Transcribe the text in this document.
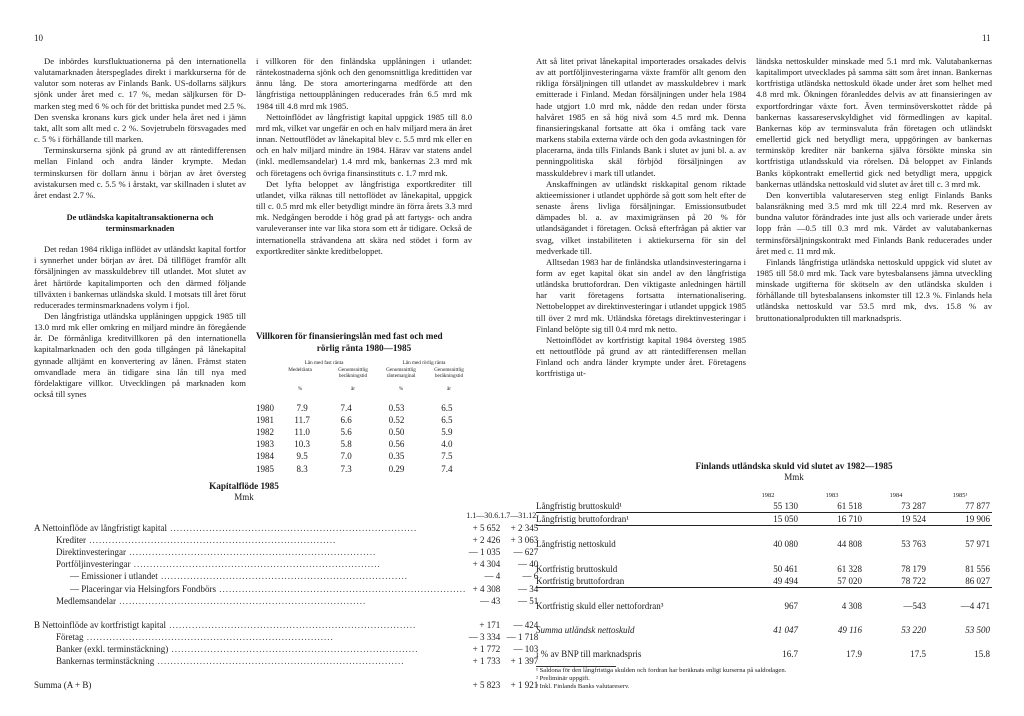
10	11

De inbördes kursfluktuationerna på den internationella valutamarknaden återspeglades direkt i markkurserna för de valutor som noteras av Finlands Bank. US-dollarns säljkurs sjönk under året med c. 17 %, medan säljkursen för D-marken steg med 6 % och för det brittiska pundet med 2.5 %. Den svenska kronans kurs gick under hela året ned i jämn takt, allt som allt med c. 2 %. Sovjetrubeln försvagades med c. 5 % i förhållande till marken.

Terminskurserna sjönk på grund av att räntedifferensen mellan Finland och andra länder krympte. Medan terminskursen för dollarn ännu i början av året översteg avistakursen med c. 5.5 % i årstakt, var skillnaden i slutet av året endast 2.7 %.

De utländska kapitaltransaktionerna och terminsmarknaden

Det redan 1984 rikliga inflödet av utländskt kapital fortfor i synnerhet under början av året. Då tillflöget framför allt försäljningen av masskuldebrev till utlandet. Mot slutet av året hårtörde kapitalimporten och den därmed följande tillväxten i bankernas utländska skuld. I motsats till året förut reducerades terminsmarknadens volym i fjol.

Den långfristiga utländska upplåningen uppgick 1985 till 13.0 mrd mk eller omkring en miljard mindre än föregående år. De förmånliga kreditvillkoren på den internationella kapitalmarknaden och den goda tillgången på lånekapital gynnade alltjämt en konvertering av lånen. Främst staten omvandlade mera än tidigare sina lån till nya med fördelaktigare villkor. Utvecklingen på marknaden kom också till synes

i villkoren för den finländska upplåningen i utlandet: räntekostnaderna sjönk och den genomsnittliga kredittiden var ännu lång. De stora amorteringarna medförde att den långfristiga nettoupplåningen reducerades från 6.5 mrd mk 1984 till 4.8 mrd mk 1985.

Nettoinflödet av långfristigt kapital uppgick 1985 till 8.0 mrd mk, vilket var ungefär en och en halv miljard mera än året innan. Nettoutflödet av lånekapital blev c. 5.5 mrd mk eller en och en halv miljard mindre än 1984. Härav var statens andel (inkl. medlemsandelar) 1.4 mrd mk, bankernas 2.3 mrd mk och företagens och övriga finansinstituts c. 1.7 mrd mk.

Det lyfta beloppet av långfristiga exportkrediter till utlandet, vilka räknas till nettoflödet av lånekapital, uppgick till c. 0.5 mrd mk eller betydligt mindre än förra årets 3.3 mrd mk. Nedgången berodde i hög grad på att fartygs- och andra varuleveranser inte var lika stora som ett år tidigare. Också de internationella stråvandena att skära ned stödet i form av exportkrediter sänkte kreditbeloppet.

Villkoren för finansieringslån med fast och med
rörlig ränta 1980—1985
Lån med fast ränta	Lån med rörlig ränta
Medelränta	Genomsnittlig beräkningstid
Genomsnittlig räntemarginal
Genomsnittlig beräkningstid
%	år	%	år
1980	7.9	7.4	0.53	6.5
1981	11.7	6.6	0.52	6.5
1982	11.0	5.6	0.50	5.9
1983	10.3	5.8	0.56	4.0
1984	9.5	7.0	0.35	7.5
1985	8.3	7.3	0.29	7.4
Kapitalflöde 1985
Mmk
	1.1—30.6.	1.7—31.12.
A Nettoinflöde av långfristigt kapital ............................................................................	+ 5 652	+ 2 345
Krediter ............................................................................	+ 2 426	+ 3 063
Direktinvesteringar ............................................................................	— 1 035	— 627
Portföljinvesteringar ............................................................................	+ 4 304	— 40
— Emissioner i utlandet ............................................................................	— 4	— 6
— Placeringar via Helsingfors Fondbörs ............................................................................	+ 4 308	— 34
Medlemsandelar ............................................................................	— 43	— 51

B Nettoinflöde av kortfristigt kapital ............................................................................	+ 171	— 424
Företag ............................................................................	— 3 334	— 1 718
Banker (exkl. terminstäckning) ............................................................................	+ 1 772	— 103
Bankernas terminstäckning ............................................................................	+ 1 733	+ 1 397

Summa (A + B)	+ 5 823	+ 1 921

Att så litet privat lånekapital importerades orsakades delvis av att portföljinvesteringarna växte framför allt genom den rikliga försäljningen till utlandet av masskuldebrev i mark emitterade i Finland. Medan försäljningen under hela 1984 hade utgjort 1.0 mrd mk, nådde den redan under första halvåret 1985 en så hög nivå som 4.5 mrd mk. Denna finansieringskanal fortsatte att öka i omfång tack vare markens stabila externa värde och den goda avkastningen för placerarna, ända tills Finlands Bank i slutet av juni bl. a. av penningpolitiska skäl förbjöd försäljningen av masskuldebrev i mark till utlandet.

Anskaffningen av utländskt riskkapital genom riktade aktieemissioner i utlandet upphörde så gott som helt efter de senaste årens livliga försäljningar. Emissionsutbudet dämpades bl. a. av maximigränsen på 20 % för utlandsägandet i företagen. Också efterfrågan på aktier var svag, vilket instabiliteten i aktiekurserna för sin del medverkade till.

Alltsedan 1983 har de finländska utlandsinvesteringarna i form av eget kapital ökat sin andel av den långfristiga utländska bruttofordran. Den viktigaste anledningen härtill har varit företagens fortsatta internationalisering. Nettobeloppet av direktinvesteringar i utlandet uppgick 1985 till över 2 mrd mk. Utländska företags direktinvesteringar i Finland belöpte sig till 0.4 mrd mk netto.

Nettoinflödet av kortfristigt kapital 1984 översteg 1985 ett nettoutflöde på grund av att räntedifferensen mellan Finland och andra länder krympte under året. Företagens kortfristiga ut-

ländska nettoskulder minskade med 5.1 mrd mk. Valutabankernas kapitalimport utvecklades på samma sätt som året innan. Bankernas kortfristiga utländska nettoskuld ökade under året som helhet med 4.8 mrd mk. Ökningen föranleddes delvis av att finansieringen av exportfordringar växte fort. Även terminsöverskottet rådde på bankernas kassareservskyldighet vid förmedlingen av kapital. Bankernas köp av terminsvaluta från företagen och utländskt emellertid gick ned betydligt mera, uppgöringen av bankernas terminsköp krediter när bankerna själva försökte minska sin kortfristiga utlandsskuld via rörelsen. Då beloppet av Finlands Banks köpkontrakt emellertid gick ned betydligt mera, uppgick bankernas utländska nettoskuld vid slutet av året till c. 3 mrd mk.

Den konvertibla valutareserven steg enligt Finlands Banks balansräkning med 3.5 mrd mk till 22.4 mrd mk. Reserven av bundna valutor förändrades inte just alls och varierade under årets lopp från —0.5 till 0.3 mrd mk. Värdet av valutabankernas terminsförsäljningskontrakt med Finlands Bank reducerades under året med c. 11 mrd mk.

Finlands långfristiga utländska nettoskuld uppgick vid slutet av 1985 till 58.0 mrd mk. Tack vare bytesbalansens jämna utveckling minskade utgifterna för skötseln av den utländska skulden i förhållande till bytesbalansens inkomster till 12.3 %. Finlands hela utländska nettoskuld var 53.5 mrd mk, dvs. 15.8 % av bruttonationalprodukten till marknadspris.

Finlands utländska skuld vid slutet av 1982—1985
Mmk
	1982	1983	1984	1985¹
Långfristig bruttoskuld¹	55 130	61 518	73 287	77 877
Långfristig bruttofordran¹	15 050	16 710	19 524	19 906

Långfristig nettoskuld	40 080	44 808	53 763	57 971

Kortfristig bruttoskuld	50 461	61 328	78 179	81 556
Kortfristig bruttofordran	49 494	57 020	78 722	86 027

Kortfristig skuld eller nettofordran³	967	4 308	—543	—4 471

Summa utländsk nettoskuld	41 047	49 116	53 220	53 500

i % av BNP till marknadspris	16.7	17.9	17.5	15.8
¹ Saldona för den långfristiga skulden och fordran har beräknats enligt kurserna på saldodagen.
² Preliminär uppgift.
³ Inkl. Finlands Banks valutareserv.
